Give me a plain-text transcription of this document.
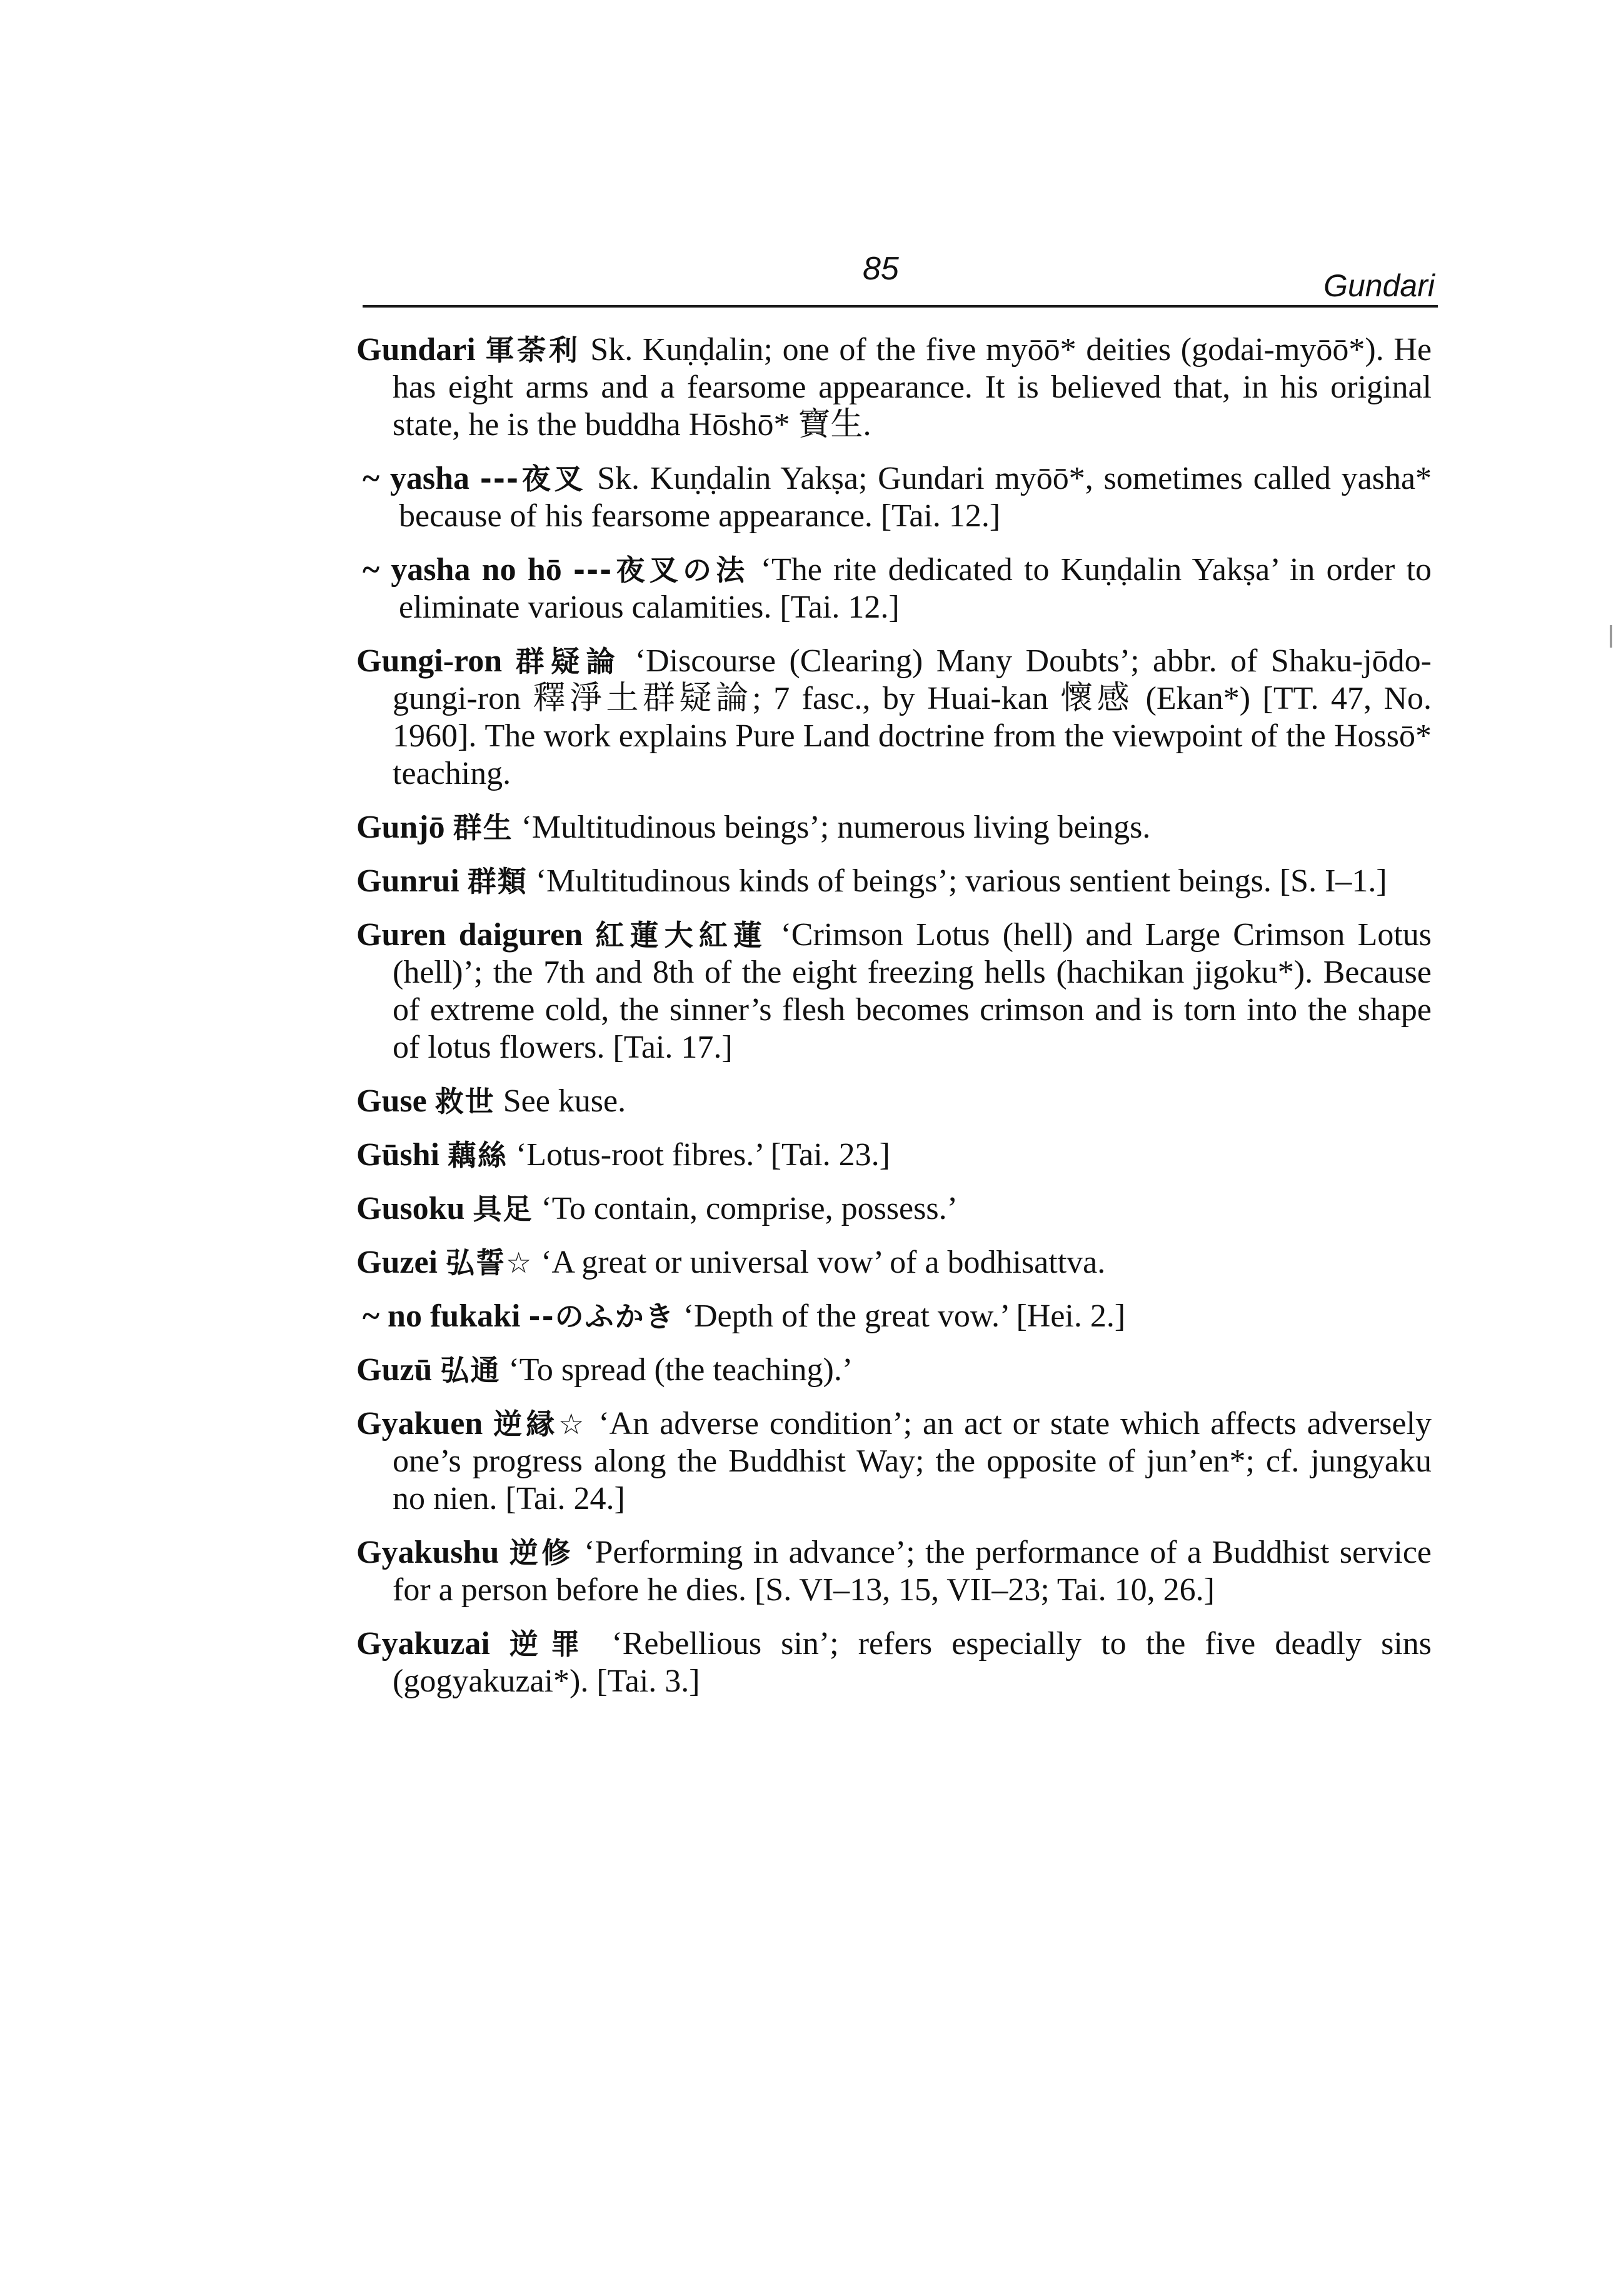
85	Gundari

Gundari 軍荼利 Sk. Kuṇḍalin; one of the five myōō* deities (godai-myōō*). He has eight arms and a fearsome appearance. It is believed that, in his original state, he is the buddha Hōshō* 寶生.

~ yasha ---夜叉 Sk. Kuṇḍalin Yakṣa; Gundari myōō*, sometimes called yasha* because of his fearsome appearance. [Tai. 12.]

~ yasha no hō ---夜叉の法 ‘The rite dedicated to Kuṇḍalin Yakṣa’ in order to eliminate various calamities. [Tai. 12.]

Gungi-ron 群疑論 ‘Discourse (Clearing) Many Doubts’; abbr. of Shaku-jōdo-gungi-ron 釋淨土群疑論; 7 fasc., by Huai-kan 懷感 (Ekan*) [TT. 47, No. 1960]. The work explains Pure Land doctrine from the viewpoint of the Hossō* teaching.

Gunjō 群生 ‘Multitudinous beings’; numerous living beings.

Gunrui 群類 ‘Multitudinous kinds of beings’; various sentient beings. [S. I–1.]

Guren daiguren 紅蓮大紅蓮 ‘Crimson Lotus (hell) and Large Crimson Lotus (hell)’; the 7th and 8th of the eight freezing hells (hachikan jigoku*). Because of extreme cold, the sinner’s flesh becomes crimson and is torn into the shape of lotus flowers. [Tai. 17.]

Guse 救世 See kuse.

Gūshi 藕絲 ‘Lotus-root fibres.’ [Tai. 23.]

Gusoku 具足 ‘To contain, comprise, possess.’

Guzei 弘誓☆ ‘A great or universal vow’ of a bodhisattva.

~ no fukaki --のふかき ‘Depth of the great vow.’ [Hei. 2.]

Guzū 弘通 ‘To spread (the teaching).’

Gyakuen 逆縁☆ ‘An adverse condition’; an act or state which affects adversely one’s progress along the Buddhist Way; the opposite of jun’en*; cf. jungyaku no nien. [Tai. 24.]

Gyakushu 逆修 ‘Performing in advance’; the performance of a Buddhist service for a person before he dies. [S. VI–13, 15, VII–23; Tai. 10, 26.]

Gyakuzai 逆罪 ‘Rebellious sin’; refers especially to the five deadly sins (gogyakuzai*). [Tai. 3.]
